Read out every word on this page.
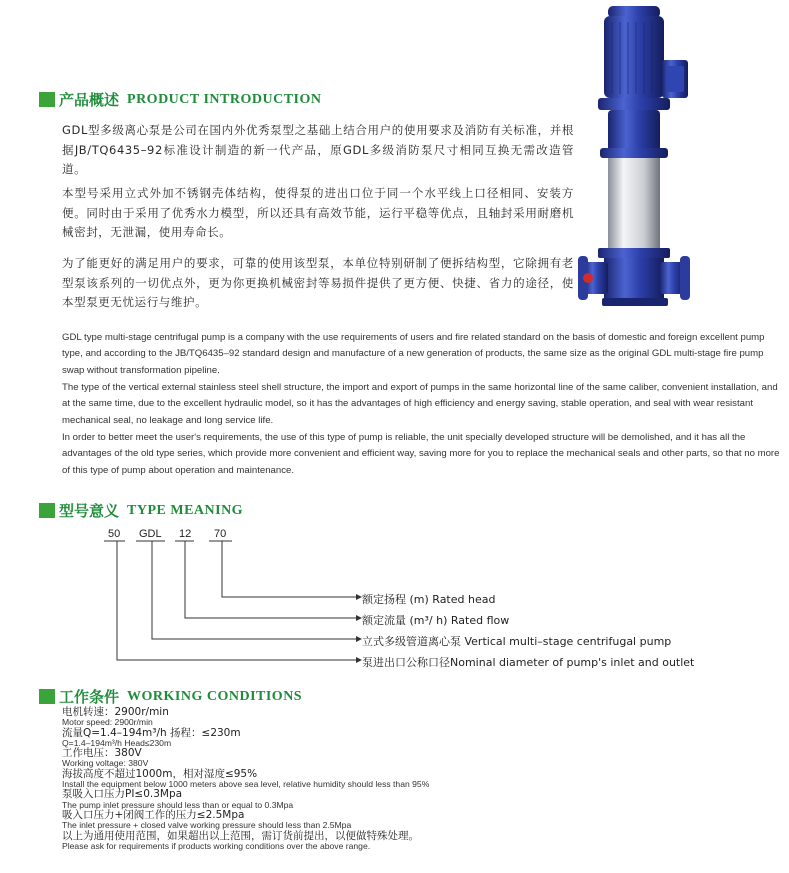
产品概述 PRODUCT INTRODUCTION
GDL型多级离心泵是公司在国内外优秀泵型之基础上结合用户的使用要求及消防有关标准，并根据JB/TQ6435–92标准设计制造的新一代产品，原GDL多级消防泵尺寸相同互换无需改造管道。
本型号采用立式外加不锈钢壳体结构，使得泵的进出口位于同一个水平线上口径相同、安装方便。同时由于采用了优秀水力模型，所以还具有高效节能，运行平稳等优点，且轴封采用耐磨机械密封，无泄漏，使用寿命长。
为了能更好的满足用户的要求，可靠的使用该型泵，本单位特别研制了便拆结构型，它除拥有老型泵该系列的一切优点外，更为你更换机械密封等易损件提供了更方便、快捷、省力的途径，使本型泵更无忧运行与维护。
GDL type multi-stage centrifugal pump is a company with the use requirements of users and fire related standard on the basis of domestic and foreign excellent pump type, and according to the JB/TQ6435–92 standard design and manufacture of a new generation of products, the same size as the original GDL multi-stage fire pump swap without transformation pipeline.
The type of the vertical external stainless steel shell structure, the import and export of pumps in the same horizontal line of the same caliber, convenient installation, and at the same time, due to the excellent hydraulic model, so it has the advantages of high efficiency and energy saving, stable operation, and seal with wear resistant mechanical seal, no leakage and long service life.
In order to better meet the user's requirements, the use of this type of pump is reliable, the unit specially developed structure will be demolished, and it has all the advantages of the old type series, which provide more convenient and efficient way, saving more for you to replace the mechanical seals and other parts, so that no more of this type of pump about operation and maintenance.
型号意义 TYPE MEANING
50 GDL 12 70
额定扬程 (m) Rated head
额定流量 (m³/ h) Rated flow
立式多级管道离心泵 Vertical multi–stage centrifugal pump
泵进出口公称口径Nominal diameter of pump's inlet and outlet
工作条件 WORKING CONDITIONS
电机转速：2900r/min
Motor speed: 2900r/min
流量Q=1.4–194m³/h 扬程：≤230m
Q=1.4–194m³/h Head≤230m
工作电压：380V
Working voltage: 380V
海拔高度不超过1000m，相对湿度≤95%
Install the equipment below 1000 meters above sea level, relative humidity should less than 95%
泵吸入口压力PI≤0.3Mpa
The pump inlet pressure should less than or equal to 0.3Mpa
吸入口压力+闭阀工作的压力≤2.5Mpa
The inlet pressure + closed valve working pressure should less than 2.5Mpa
以上为通用使用范围，如果超出以上范围，需订货前提出，以便做特殊处理。
Please ask for requirements if products working conditions over the above range.
